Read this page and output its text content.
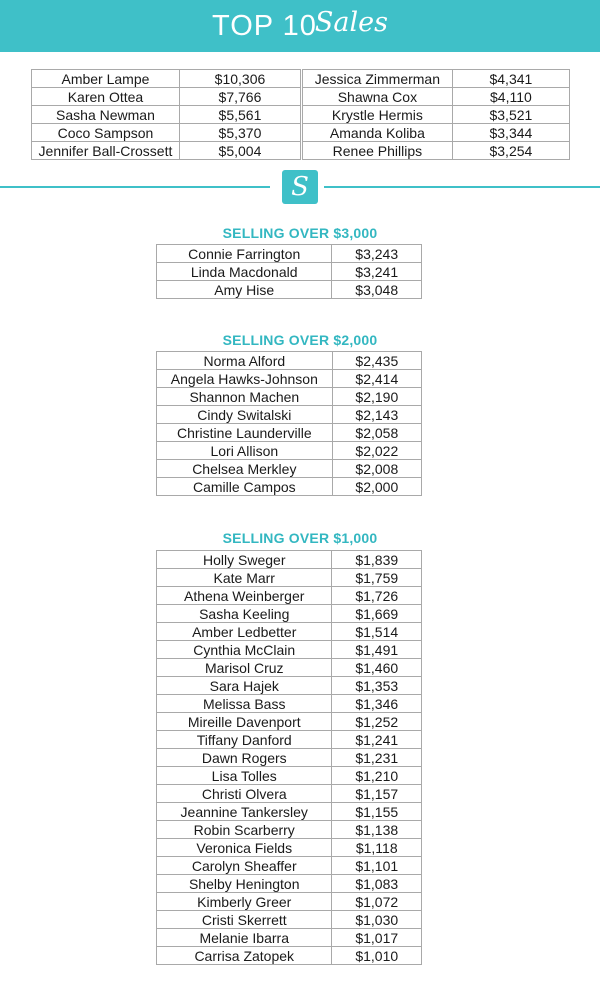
TOP 10
Sales
Amber Lampe	$10,306
Karen Ottea	$7,766
Sasha Newman	$5,561
Coco Sampson	$5,370
Jennifer Ball-Crossett	$5,004
Jessica Zimmerman	$4,341
Shawna Cox	$4,110
Krystle Hermis	$3,521
Amanda Koliba	$3,344
Renee Phillips	$3,254
S
SELLING OVER $3,000
Connie Farrington	$3,243
Linda Macdonald	$3,241
Amy Hise	$3,048
SELLING OVER $2,000
Norma Alford	$2,435
Angela Hawks-Johnson	$2,414
Shannon Machen	$2,190
Cindy Switalski	$2,143
Christine Launderville	$2,058
Lori Allison	$2,022
Chelsea Merkley	$2,008
Camille Campos	$2,000
SELLING OVER $1,000
Holly Sweger	$1,839
Kate Marr	$1,759
Athena Weinberger	$1,726
Sasha Keeling	$1,669
Amber Ledbetter	$1,514
Cynthia McClain	$1,491
Marisol Cruz	$1,460
Sara Hajek	$1,353
Melissa Bass	$1,346
Mireille Davenport	$1,252
Tiffany Danford	$1,241
Dawn Rogers	$1,231
Lisa Tolles	$1,210
Christi Olvera	$1,157
Jeannine Tankersley	$1,155
Robin Scarberry	$1,138
Veronica Fields	$1,118
Carolyn Sheaffer	$1,101
Shelby Henington	$1,083
Kimberly Greer	$1,072
Cristi Skerrett	$1,030
Melanie Ibarra	$1,017
Carrisa Zatopek	$1,010
